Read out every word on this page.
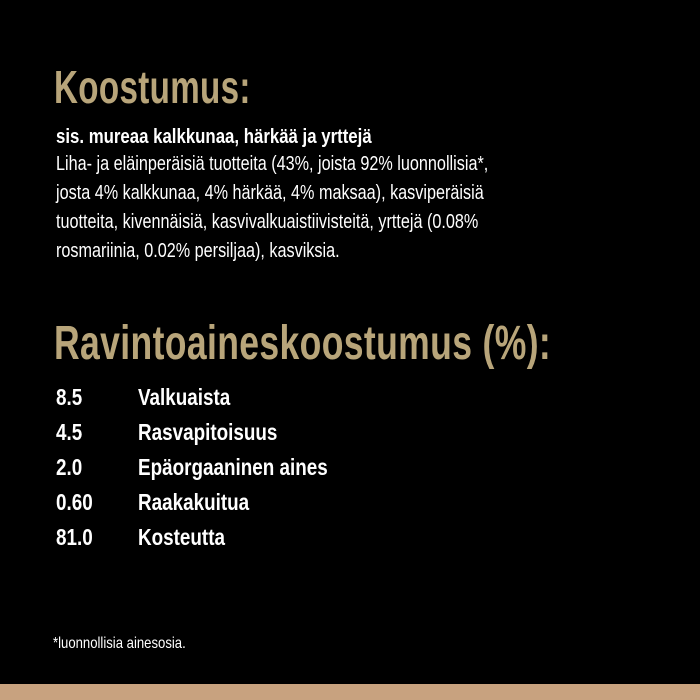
Koostumus:
sis. mureaa kalkkunaa, härkää ja yrttejä
Liha- ja eläinperäisiä tuotteita (43%, joista 92% luonnollisia*,
josta 4% kalkkunaa, 4% härkää, 4% maksaa), kasviperäisiä
tuotteita, kivennäisiä, kasvivalkuaistiivisteitä, yrttejä (0.08%
rosmariinia, 0.02% persiljaa), kasviksia.
Ravintoaineskoostumus (%):
8.5 Valkuaista
4.5 Rasvapitoisuus
2.0 Epäorgaaninen aines
0.60 Raakakuitua
81.0 Kosteutta
*luonnollisia ainesosia.
